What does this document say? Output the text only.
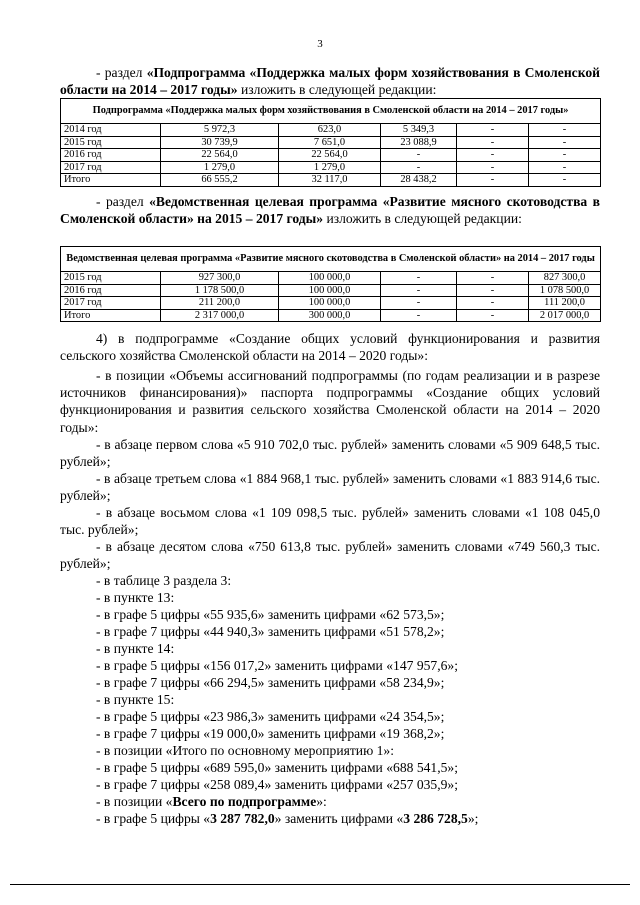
3
- раздел «Подпрограмма «Поддержка малых форм хозяйствования в Смоленской области на 2014 – 2017 годы» изложить в следующей редакции:
Подпрограмма «Поддержка малых форм хозяйствования в Смоленской области на 2014 – 2017 годы»					
2014 год	5 972,3	623,0	5 349,3	-	-
2015 год	30 739,9	7 651,0	23 088,9	-	-
2016 год	22 564,0	22 564,0	-	-	-
2017 год	1 279,0	1 279,0	-	-	-
Итого	66 555,2	32 117,0	28 438,2	-	-
- раздел «Ведомственная целевая программа «Развитие мясного скотоводства в Смоленской области» на 2015 – 2017 годы» изложить в следующей редакции:
Ведомственная целевая программа «Развитие мясного скотоводства в Смоленской области» на 2014 – 2017 годы					
2015 год	927 300,0	100 000,0	-	-	827 300,0
2016 год	1 178 500,0	100 000,0	-	-	1 078 500,0
2017 год	211 200,0	100 000,0	-	-	111 200,0
Итого	2 317 000,0	300 000,0	-	-	2 017 000,0
4) в подпрограмме «Создание общих условий функционирования и развития сельского хозяйства Смоленской области на 2014 – 2020 годы»:
- в позиции «Объемы ассигнований подпрограммы (по годам реализации и в разрезе источников финансирования)» паспорта подпрограммы «Создание общих условий функционирования и развития сельского хозяйства Смоленской области на 2014 – 2020 годы»:
- в абзаце первом слова «5 910 702,0 тыс. рублей» заменить словами «5 909 648,5 тыс. рублей»;
- в абзаце третьем слова «1 884 968,1 тыс. рублей» заменить словами «1 883 914,6 тыс. рублей»;
- в абзаце восьмом слова «1 109 098,5 тыс. рублей» заменить словами «1 108 045,0 тыс. рублей»;
- в абзаце десятом слова «750 613,8 тыс. рублей» заменить словами «749 560,3 тыс. рублей»;
- в таблице 3 раздела 3:
- в пункте 13:
- в графе 5 цифры «55 935,6» заменить цифрами «62 573,5»;
- в графе 7 цифры «44 940,3» заменить цифрами «51 578,2»;
- в пункте 14:
- в графе 5 цифры «156 017,2» заменить цифрами «147 957,6»;
- в графе 7 цифры «66 294,5» заменить цифрами «58 234,9»;
- в пункте 15:
- в графе 5 цифры «23 986,3» заменить цифрами «24 354,5»;
- в графе 7 цифры «19 000,0» заменить цифрами «19 368,2»;
- в позиции «Итого по основному мероприятию 1»:
- в графе 5 цифры «689 595,0» заменить цифрами «688 541,5»;
- в графе 7 цифры «258 089,4» заменить цифрами «257 035,9»;
- в позиции «Всего по подпрограмме»:
- в графе 5 цифры «3 287 782,0» заменить цифрами «3 286 728,5»;
